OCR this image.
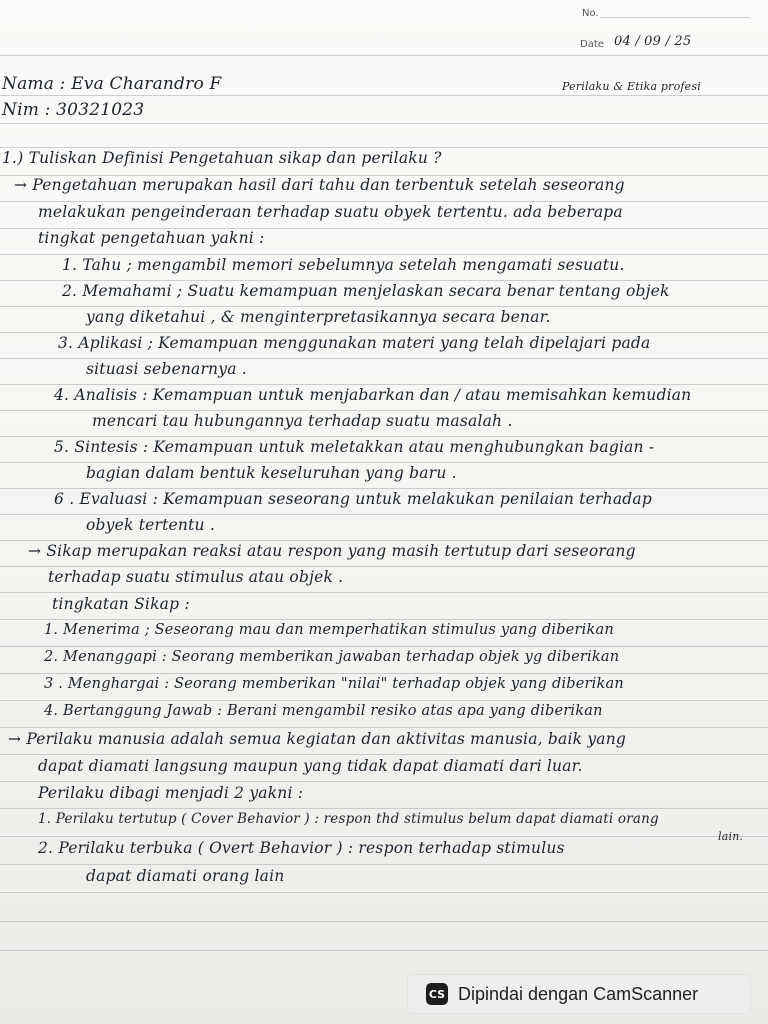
No.
Date 04 / 09 / 25
Nama : Eva Charandro F
Nim : 30321023
Perilaku & Etika profesi
1.) Tuliskan Definisi Pengetahuan sikap dan perilaku ?
→ Pengetahuan merupakan hasil dari tahu dan terbentuk setelah seseorang
melakukan pengeinderaan terhadap suatu obyek tertentu. ada beberapa
tingkat pengetahuan yakni :
1. Tahu ; mengambil memori sebelumnya setelah mengamati sesuatu.
2. Memahami ; Suatu kemampuan menjelaskan secara benar tentang objek
yang diketahui , & menginterpretasikannya secara benar.
3. Aplikasi ; Kemampuan menggunakan materi yang telah dipelajari pada
situasi sebenarnya .
4. Analisis : Kemampuan untuk menjabarkan dan / atau memisahkan kemudian
mencari tau hubungannya terhadap suatu masalah .
5. Sintesis : Kemampuan untuk meletakkan atau menghubungkan bagian -
bagian dalam bentuk keseluruhan yang baru .
6 . Evaluasi : Kemampuan seseorang untuk melakukan penilaian terhadap
obyek tertentu .
→ Sikap merupakan reaksi atau respon yang masih tertutup dari seseorang
terhadap suatu stimulus atau objek .
tingkatan Sikap :
1. Menerima ; Seseorang mau dan memperhatikan stimulus yang diberikan
2. Menanggapi : Seorang memberikan jawaban terhadap objek yg diberikan
3 . Menghargai : Seorang memberikan "nilai" terhadap objek yang diberikan
4. Bertanggung Jawab : Berani mengambil resiko atas apa yang diberikan
→ Perilaku manusia adalah semua kegiatan dan aktivitas manusia, baik yang
dapat diamati langsung maupun yang tidak dapat diamati dari luar.
Perilaku dibagi menjadi 2 yakni :
1. Perilaku tertutup ( Cover Behavior ) : respon thd stimulus belum dapat diamati orang
2. Perilaku terbuka ( Overt Behavior ) : respon terhadap stimulus
dapat diamati orang lain
lain.
CS Dipindai dengan CamScanner
